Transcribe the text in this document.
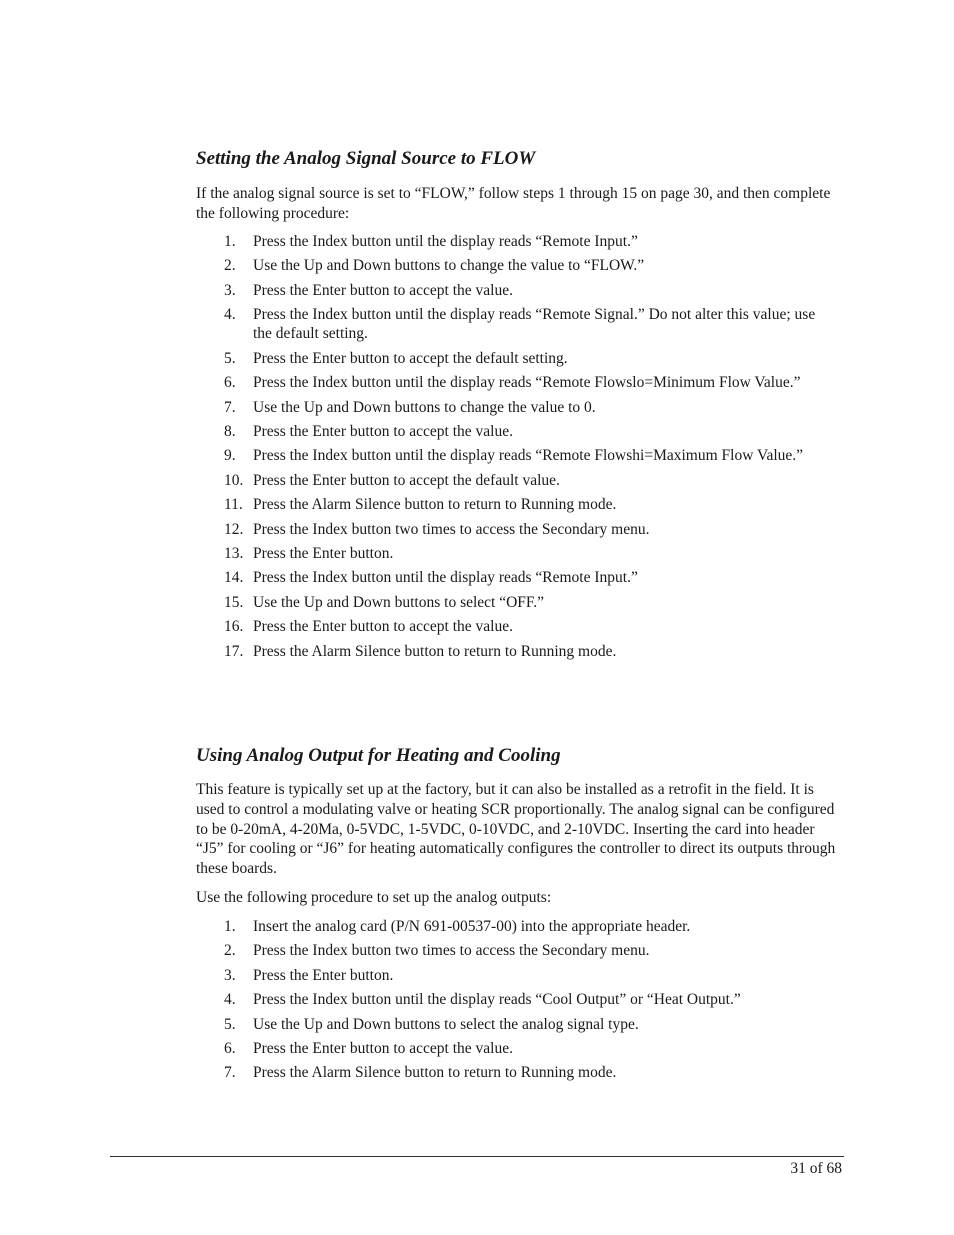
Setting the Analog Signal Source to FLOW

If the analog signal source is set to “FLOW,” follow steps 1 through 15 on page 30, and then complete the following procedure:

1. Press the Index button until the display reads “Remote Input.”
2. Use the Up and Down buttons to change the value to “FLOW.”
3. Press the Enter button to accept the value.
4. Press the Index button until the display reads “Remote Signal.” Do not alter this value; use the default setting.
5. Press the Enter button to accept the default setting.
6. Press the Index button until the display reads “Remote Flowslo=Minimum Flow Value.”
7. Use the Up and Down buttons to change the value to 0.
8. Press the Enter button to accept the value.
9. Press the Index button until the display reads “Remote Flowshi=Maximum Flow Value.”
10. Press the Enter button to accept the default value.
11. Press the Alarm Silence button to return to Running mode.
12. Press the Index button two times to access the Secondary menu.
13. Press the Enter button.
14. Press the Index button until the display reads “Remote Input.”
15. Use the Up and Down buttons to select “OFF.”
16. Press the Enter button to accept the value.
17. Press the Alarm Silence button to return to Running mode.
Using Analog Output for Heating and Cooling

This feature is typically set up at the factory, but it can also be installed as a retrofit in the field. It is used to control a modulating valve or heating SCR proportionally. The analog signal can be configured to be 0-20mA, 4-20Ma, 0-5VDC, 1-5VDC, 0-10VDC, and 2-10VDC. Inserting the card into header “J5” for cooling or “J6” for heating automatically configures the controller to direct its outputs through these boards.

Use the following procedure to set up the analog outputs:

1. Insert the analog card (P/N 691-00537-00) into the appropriate header.
2. Press the Index button two times to access the Secondary menu.
3. Press the Enter button.
4. Press the Index button until the display reads “Cool Output” or “Heat Output.”
5. Use the Up and Down buttons to select the analog signal type.
6. Press the Enter button to accept the value.
7. Press the Alarm Silence button to return to Running mode.
31 of 68
